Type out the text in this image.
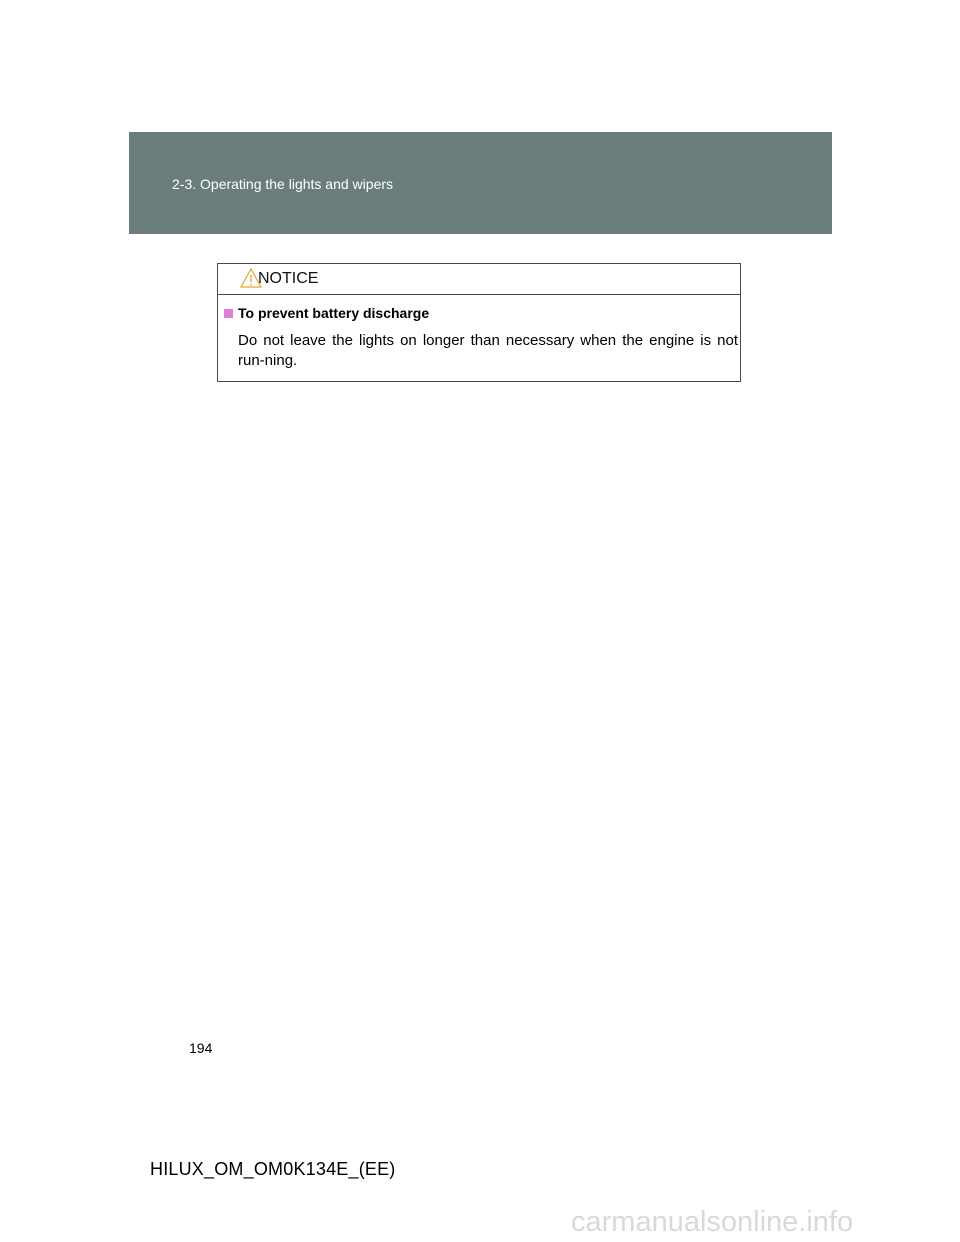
2-3. Operating the lights and wipers
NOTICE
To prevent battery discharge
Do not leave the lights on longer than necessary when the engine is not run-ning.
194
HILUX_OM_OM0K134E_(EE)
carmanualsonline.info
